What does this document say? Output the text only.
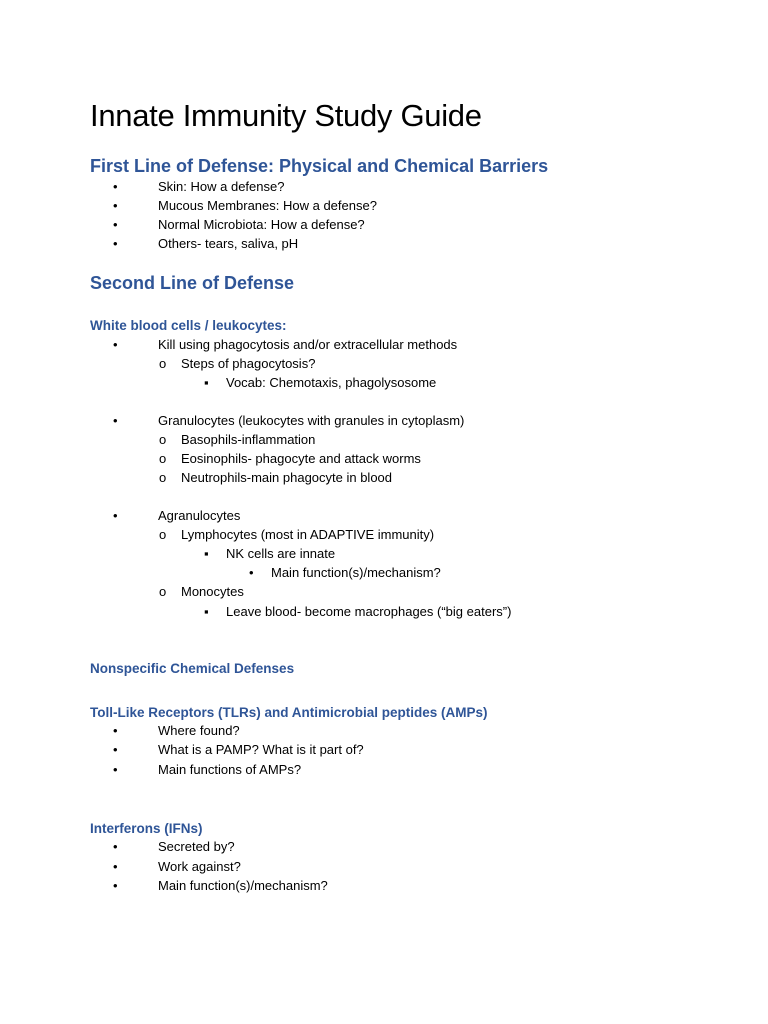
Innate Immunity Study Guide
First Line of Defense: Physical and Chemical Barriers
•
Skin: How a defense?
•
Mucous Membranes: How a defense?
•
Normal Microbiota: How a defense?
•
Others- tears, saliva, pH
Second Line of Defense
White blood cells / leukocytes:
•
Kill using phagocytosis and/or extracellular methods
o
Steps of phagocytosis?
▪
Vocab: Chemotaxis, phagolysosome
•
Granulocytes (leukocytes with granules in cytoplasm)
o
Basophils-inflammation
o
Eosinophils- phagocyte and attack worms
o
Neutrophils-main phagocyte in blood
•
Agranulocytes
o
Lymphocytes (most in ADAPTIVE immunity)
▪
NK cells are innate
•
Main function(s)/mechanism?
o
Monocytes
▪
Leave blood- become macrophages (“big eaters”)
Nonspecific Chemical Defenses
Toll-Like Receptors (TLRs) and Antimicrobial peptides (AMPs)
•
Where found?
•
What is a PAMP? What is it part of?
•
Main functions of AMPs?
Interferons (IFNs)
•
Secreted by?
•
Work against?
•
Main function(s)/mechanism?
